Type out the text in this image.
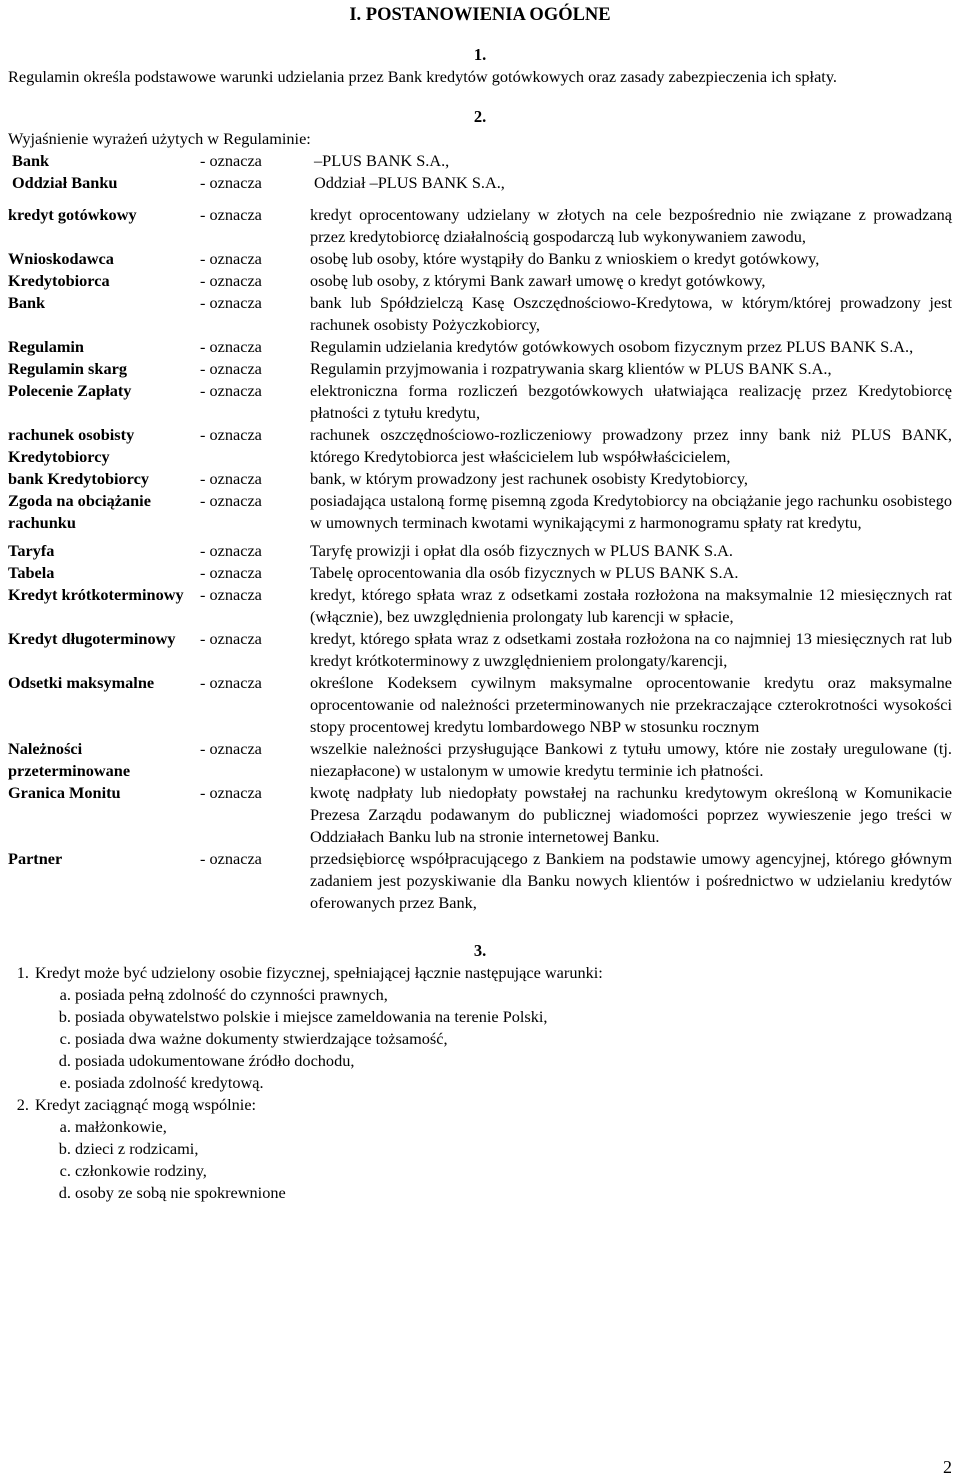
I. POSTANOWIENIA OGÓLNE
1.
Regulamin określa podstawowe warunki udzielania przez Bank kredytów gotówkowych oraz zasady zabezpieczenia ich spłaty.
2.
Wyjaśnienie wyrażeń użytych w Regulaminie:
Bank	- oznacza	–PLUS BANK S.A.,
Oddział Banku	- oznacza	Oddział –PLUS BANK S.A.,
kredyt gotówkowy	- oznacza	kredyt oprocentowany udzielany w złotych na cele bezpośrednio nie związane z prowadzaną przez kredytobiorcę działalnością gospodarczą lub wykonywaniem zawodu,
Wnioskodawca	- oznacza	osobę lub osoby, które wystąpiły do Banku z wnioskiem o kredyt gotówkowy,
Kredytobiorca	- oznacza	osobę lub osoby, z którymi Bank zawarł umowę o kredyt gotówkowy,
Bank	- oznacza	bank lub Spółdzielczą Kasę Oszczędnościowo-Kredytowa, w którym/której prowadzony jest rachunek osobisty Pożyczkobiorcy,
Regulamin	- oznacza	Regulamin udzielania kredytów gotówkowych osobom fizycznym przez PLUS BANK S.A.,
Regulamin skarg	- oznacza	Regulamin przyjmowania i rozpatrywania skarg klientów w PLUS BANK S.A.,
Polecenie Zapłaty	- oznacza	elektroniczna forma rozliczeń bezgotówkowych ułatwiająca realizację przez Kredytobiorcę płatności z tytułu kredytu,
rachunek osobisty Kredytobiorcy	- oznacza	rachunek oszczędnościowo-rozliczeniowy prowadzony przez inny bank niż PLUS BANK, którego Kredytobiorca jest właścicielem lub współwłaścicielem,
bank Kredytobiorcy	- oznacza	bank, w którym prowadzony jest rachunek osobisty Kredytobiorcy,
Zgoda na obciążanie rachunku	- oznacza	posiadająca ustaloną formę pisemną zgoda Kredytobiorcy na obciążanie jego rachunku osobistego w umownych terminach kwotami wynikającymi z harmonogramu spłaty rat kredytu,
Taryfa	- oznacza	Taryfę prowizji i opłat dla osób fizycznych w PLUS BANK S.A.
Tabela	- oznacza	Tabelę oprocentowania dla osób fizycznych w PLUS BANK S.A.
Kredyt krótkoterminowy	- oznacza	kredyt, którego spłata wraz z odsetkami została rozłożona na maksymalnie 12 miesięcznych rat (włącznie), bez uwzględnienia prolongaty lub karencji w spłacie,
Kredyt długoterminowy	- oznacza	kredyt, którego spłata wraz z odsetkami została rozłożona na co najmniej 13 miesięcznych rat lub kredyt krótkoterminowy z uwzględnieniem prolongaty/karencji,
Odsetki maksymalne	- oznacza	określone Kodeksem cywilnym maksymalne oprocentowanie kredytu oraz maksymalne oprocentowanie od należności przeterminowanych nie przekraczające czterokrotności wysokości stopy procentowej kredytu lombardowego NBP w stosunku rocznym
Należności przeterminowane	- oznacza	wszelkie należności przysługujące Bankowi z tytułu umowy, które nie zostały uregulowane (tj. niezapłacone) w ustalonym w umowie kredytu terminie ich płatności.
Granica Monitu	- oznacza	kwotę nadpłaty lub niedopłaty powstałej na rachunku kredytowym określoną w Komunikacie Prezesa Zarządu podawanym do publicznej wiadomości poprzez wywieszenie jego treści w Oddziałach Banku lub na stronie internetowej Banku.
Partner	- oznacza	przedsiębiorcę współpracującego z Bankiem na podstawie umowy agencyjnej, którego głównym zadaniem jest pozyskiwanie dla Banku nowych klientów i pośrednictwo w udzielaniu kredytów oferowanych przez Bank,
3.
1. Kredyt może być udzielony osobie fizycznej, spełniającej łącznie następujące warunki:
a. posiada pełną zdolność do czynności prawnych,
b. posiada obywatelstwo polskie i miejsce zameldowania na terenie Polski,
c. posiada dwa ważne dokumenty stwierdzające tożsamość,
d. posiada udokumentowane źródło dochodu,
e. posiada zdolność kredytową.
2. Kredyt zaciągnąć mogą wspólnie:
a. małżonkowie,
b. dzieci z rodzicami,
c. członkowie rodziny,
d. osoby ze sobą nie spokrewnione
2
